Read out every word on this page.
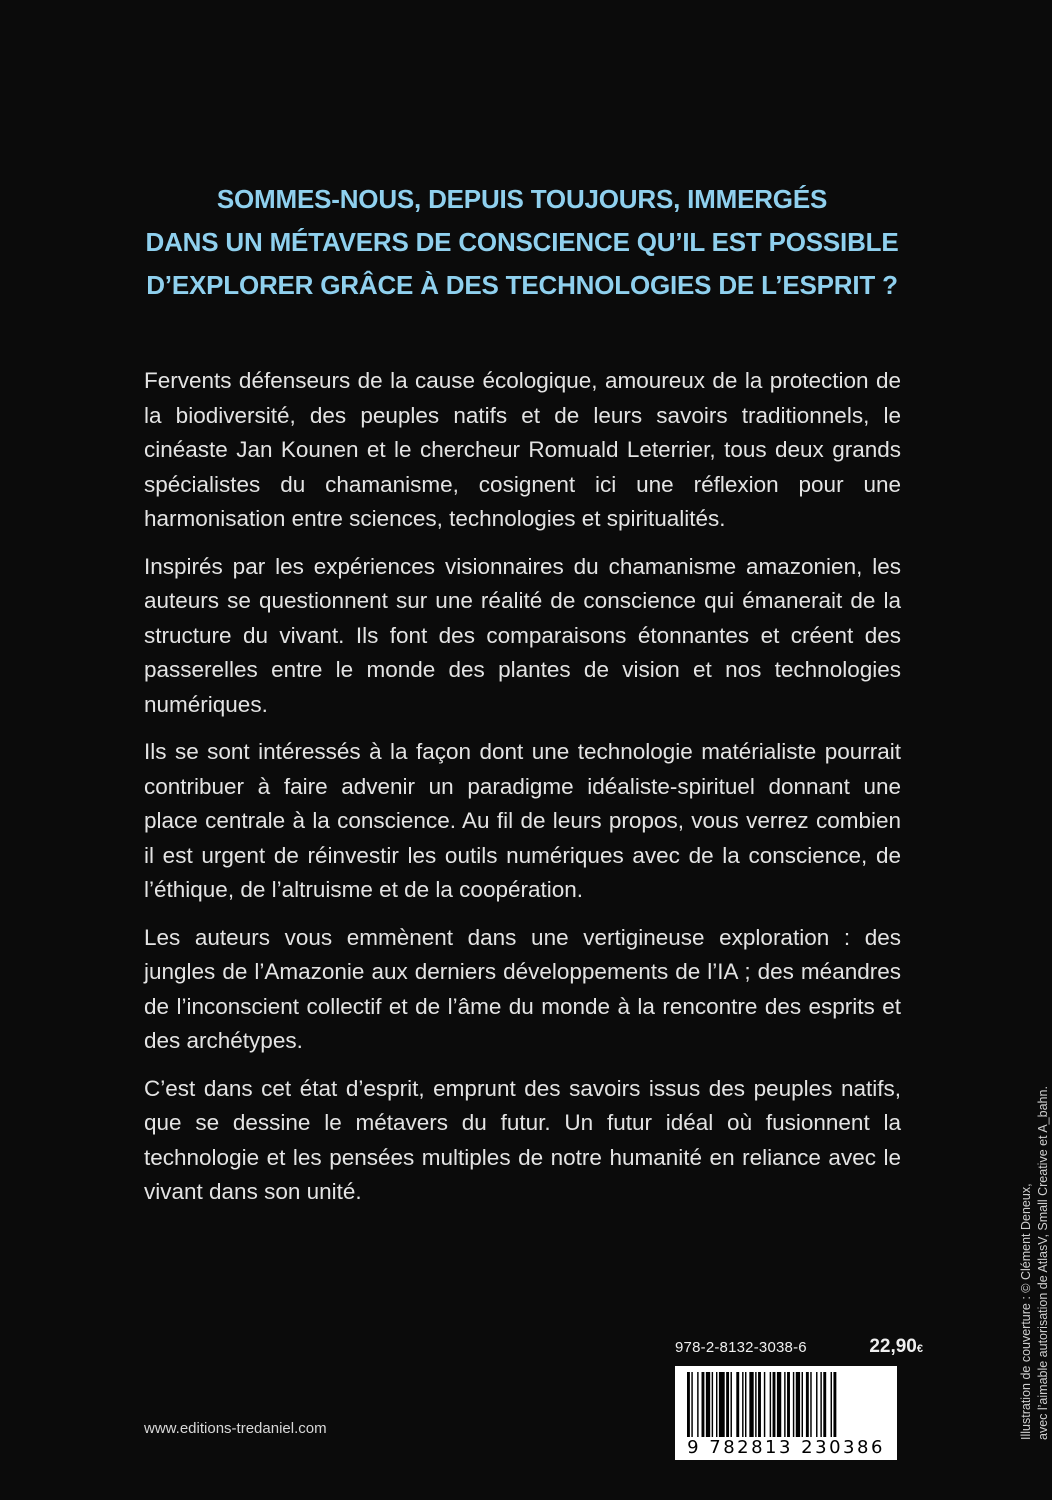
SOMMES-NOUS, DEPUIS TOUJOURS, IMMERGÉS
DANS UN MÉTAVERS DE CONSCIENCE QU’IL EST POSSIBLE
D’EXPLORER GRÂCE À DES TECHNOLOGIES DE L’ESPRIT ?

Fervents défenseurs de la cause écologique, amoureux de la protection de la biodiversité, des peuples natifs et de leurs savoirs traditionnels, le cinéaste Jan Kounen et le chercheur Romuald Leterrier, tous deux grands spécialistes du chamanisme, cosignent ici une réflexion pour une harmonisation entre sciences, technologies et spiritualités.

Inspirés par les expériences visionnaires du chamanisme amazonien, les auteurs se questionnent sur une réalité de conscience qui émanerait de la structure du vivant. Ils font des comparaisons étonnantes et créent des passerelles entre le monde des plantes de vision et nos technologies numériques.

Ils se sont intéressés à la façon dont une technologie matérialiste pourrait contribuer à faire advenir un paradigme idéaliste-spirituel donnant une place centrale à la conscience. Au fil de leurs propos, vous verrez combien il est urgent de réinvestir les outils numériques avec de la conscience, de l’éthique, de l’altruisme et de la coopération.

Les auteurs vous emmènent dans une vertigineuse exploration : des jungles de l’Amazonie aux derniers développements de l’IA ; des méandres de l’inconscient collectif et de l’âme du monde à la rencontre des esprits et des archétypes.

C’est dans cet état d’esprit, emprunt des savoirs issus des peuples natifs, que se dessine le métavers du futur. Un futur idéal où fusionnent la technologie et les pensées multiples de notre humanité en reliance avec le vivant dans son unité.

978-2-8132-3038-6	22,90€
9 782813 230386
www.editions-tredaniel.com	Illustration de couverture : © Clément Deneux, avec l’aimable autorisation de AtlasV, Small Creative et A_bahn.
